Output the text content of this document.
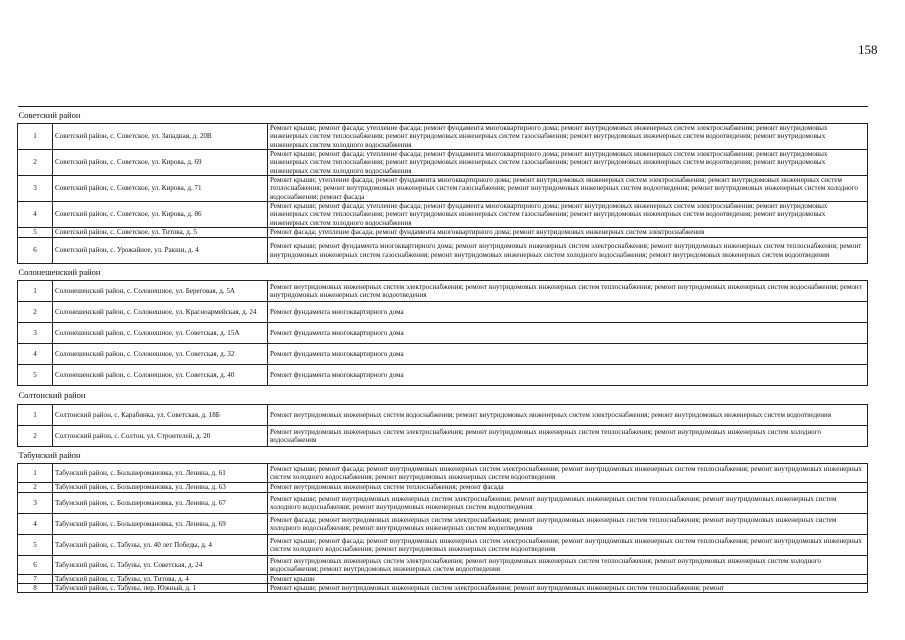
158
Советский район		
1	Советский район, с. Советское, ул. Западная, д. 20В	Ремонт крыши; ремонт фасада; утепление фасада; ремонт фундамента многоквартирного дома; ремонт внутридомовых инженерных систем электроснабжения; ремонт внутридомовых инженерных систем теплоснабжения; ремонт внутридомовых инженерных систем газоснабжения; ремонт внутридомовых инженерных систем водоотведения; ремонт внутридомовых инженерных систем холодного водоснабжения
2	Советский район, с. Советское, ул. Кирова, д. 69	Ремонт крыши; ремонт фасада; утепление фасада; ремонт фундамента многоквартирного дома; ремонт внутридомовых инженерных систем электроснабжения; ремонт внутридомовых инженерных систем теплоснабжения; ремонт внутридомовых инженерных систем газоснабжения; ремонт внутридомовых инженерных систем водоотведения; ремонт внутридомовых инженерных систем холодного водоснабжения
3	Советский район, с. Советское, ул. Кирова, д. 71	Ремонт крыши; утепление фасада; ремонт фундамента многоквартирного дома; ремонт внутридомовых инженерных систем электроснабжения; ремонт внутридомовых инженерных систем теплоснабжения; ремонт внутридомовых инженерных систем газоснабжения; ремонт внутридомовых инженерных систем водоотведения; ремонт внутридомовых инженерных систем холодного водоснабжения; ремонт фасада
4	Советский район, с. Советское, ул. Кирова, д. 86	Ремонт крыши; ремонт фасада; утепление фасада; ремонт фундамента многоквартирного дома; ремонт внутридомовых инженерных систем электроснабжения; ремонт внутридомовых инженерных систем теплоснабжения; ремонт внутридомовых инженерных систем газоснабжения; ремонт внутридомовых инженерных систем водоотведения; ремонт внутридомовых инженерных систем холодного водоснабжения
5	Советский район, с. Советское, ул. Титова, д. 5	Ремонт фасада; утепление фасада; ремонт фундамента многоквартирного дома; ремонт внутридомовых инженерных систем электроснабжения
6	Советский район, с. Урожайное, ул. Ракши, д. 4	Ремонт крыши; ремонт фундамента многоквартирного дома; ремонт внутридомовых инженерных систем электроснабжения; ремонт внутридомовых инженерных систем теплоснабжения; ремонт внутридомовых инженерных систем газоснабжения; ремонт внутридомовых инженерных систем холодного водоснабжения; ремонт внутридомовых инженерных систем водоотведения
Солонешенский район		
1	Солонешенский район, с. Солонешное, ул. Береговая, д. 5А	Ремонт внутридомовых инженерных систем электроснабжения; ремонт внутридомовых инженерных систем теплоснабжения; ремонт внутридомовых инженерных систем водоснабжения; ремонт внутридомовых инженерных систем водоотведения
2	Солонешенский район, с. Солонешное, ул. Красноармейская, д. 24	Ремонт фундамента многоквартирного дома
3	Солонешенский район, с. Солонешное, ул. Советская, д. 15А	Ремонт фундамента многоквартирного дома
4	Солонешенский район, с. Солонешное, ул. Советская, д. 32	Ремонт фундамента многоквартирного дома
5	Солонешенский район, с. Солонешное, ул. Советская, д. 40	Ремонт фундамента многоквартирного дома
Солтонский район		
1	Солтонский район, с. Карабинка, ул. Советская, д. 18Б	Ремонт внутридомовых инженерных систем водоснабжения; ремонт внутридомовых инженерных систем электроснабжения; ремонт внутридомовых инженерных систем водоотведения
2	Солтонский район, с. Солтон, ул. Строителей, д. 20	Ремонт внутридомовых инженерных систем электроснабжения; ремонт внутридомовых инженерных систем теплоснабжения; ремонт внутридомовых инженерных систем холодного водоснабжения
Табунский район		
1	Табунский район, с. Большеромановка, ул. Ленина, д. 61	Ремонт крыши; ремонт фасада; ремонт внутридомовых инженерных систем электроснабжения; ремонт внутридомовых инженерных систем теплоснабжения; ремонт внутридомовых инженерных систем холодного водоснабжения; ремонт внутридомовых инженерных систем водоотведения
2	Табунский район, с. Большеромановка, ул. Ленина, д. 63	Ремонт внутридомовых инженерных систем теплоснабжения; ремонт фасада
3	Табунский район, с. Большеромановка, ул. Ленина, д. 67	Ремонт крыши; ремонт внутридомовых инженерных систем электроснабжения; ремонт внутридомовых инженерных систем теплоснабжения; ремонт внутридомовых инженерных систем холодного водоснабжения; ремонт внутридомовых инженерных систем водоотведения
4	Табунский район, с. Большеромановка, ул. Ленина, д. 69	Ремонт фасада; ремонт внутридомовых инженерных систем электроснабжения; ремонт внутридомовых инженерных систем теплоснабжения; ремонт внутридомовых инженерных систем холодного водоснабжения; ремонт внутридомовых инженерных систем водоотведения
5	Табунский район, с. Табуны, ул. 40 лет Победы, д. 4	Ремонт крыши; ремонт фасада; ремонт внутридомовых инженерных систем электроснабжения; ремонт внутридомовых инженерных систем теплоснабжения; ремонт внутридомовых инженерных систем холодного водоснабжения; ремонт внутридомовых инженерных систем водоотведения
6	Табунский район, с. Табуны, ул. Советская, д. 24	Ремонт внутридомовых инженерных систем электроснабжения; ремонт внутридомовых инженерных систем теплоснабжения; ремонт внутридомовых инженерных систем холодного водоснабжения; ремонт внутридомовых инженерных систем водоотведения
7	Табунский район, с. Табуны, ул. Титова, д. 4	Ремонт крыши
8	Табунский район, с. Табуны, пер. Южный, д. 1	Ремонт крыши; ремонт внутридомовых инженерных систем электроснабжения; ремонт внутридомовых инженерных систем теплоснабжения; ремонт
